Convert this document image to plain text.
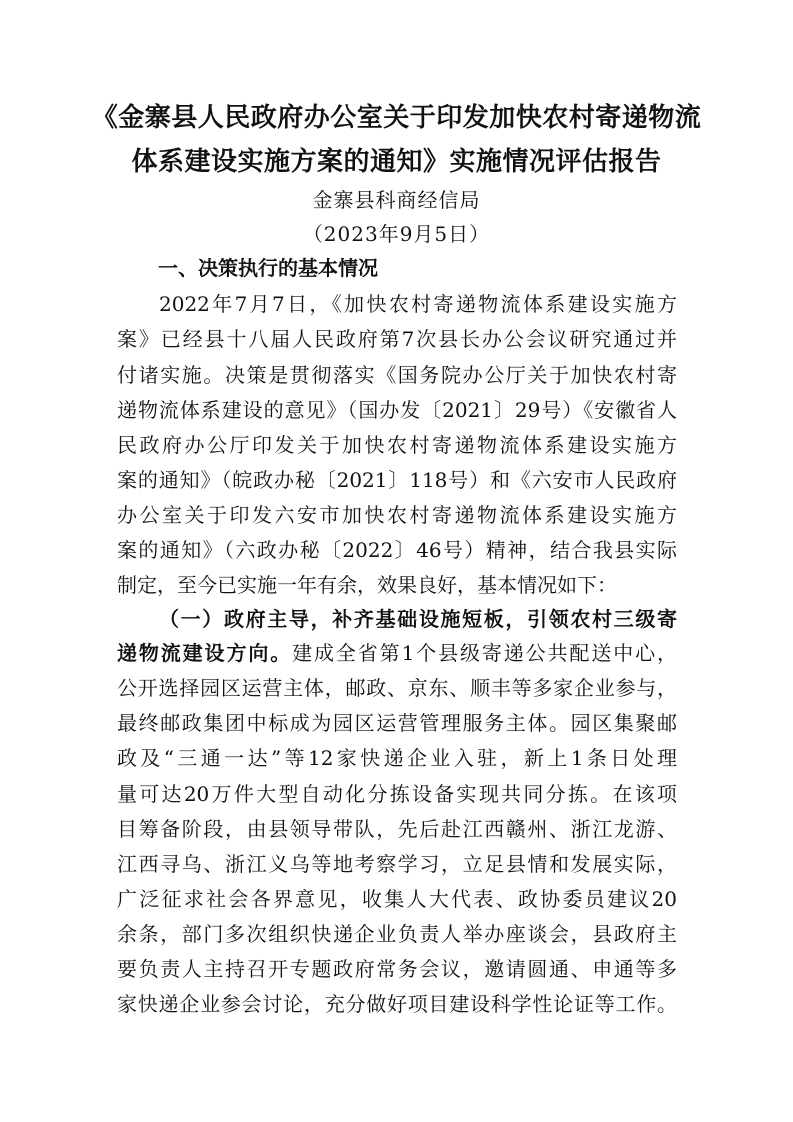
《金寨县人民政府办公室关于印发加快农村寄递物流
体系建设实施方案的通知》实施情况评估报告
金寨县科商经信局
（2023年9月5日）
一、决策执行的基本情况
2022年7月7日，《加快农村寄递物流体系建设实施方
案》已经县十八届人民政府第7次县长办公会议研究通过并
付诸实施。决策是贯彻落实《国务院办公厅关于加快农村寄
递物流体系建设的意见》（国办发〔2021〕29号）《安徽省人
民政府办公厅印发关于加快农村寄递物流体系建设实施方
案的通知》（皖政办秘〔2021〕118号）和《六安市人民政府
办公室关于印发六安市加快农村寄递物流体系建设实施方
案的通知》（六政办秘〔2022〕46号）精神，结合我县实际
制定，至今已实施一年有余，效果良好，基本情况如下：
（一）政府主导，补齐基础设施短板，引领农村三级寄
递物流建设方向。建成全省第1个县级寄递公共配送中心，
公开选择园区运营主体，邮政、京东、顺丰等多家企业参与，
最终邮政集团中标成为园区运营管理服务主体。园区集聚邮
政及“三通一达”等12家快递企业入驻，新上1条日处理
量可达20万件大型自动化分拣设备实现共同分拣。在该项
目筹备阶段，由县领导带队，先后赴江西赣州、浙江龙游、
江西寻乌、浙江义乌等地考察学习，立足县情和发展实际，
广泛征求社会各界意见，收集人大代表、政协委员建议20
余条，部门多次组织快递企业负责人举办座谈会，县政府主
要负责人主持召开专题政府常务会议，邀请圆通、申通等多
家快递企业参会讨论，充分做好项目建设科学性论证等工作。
